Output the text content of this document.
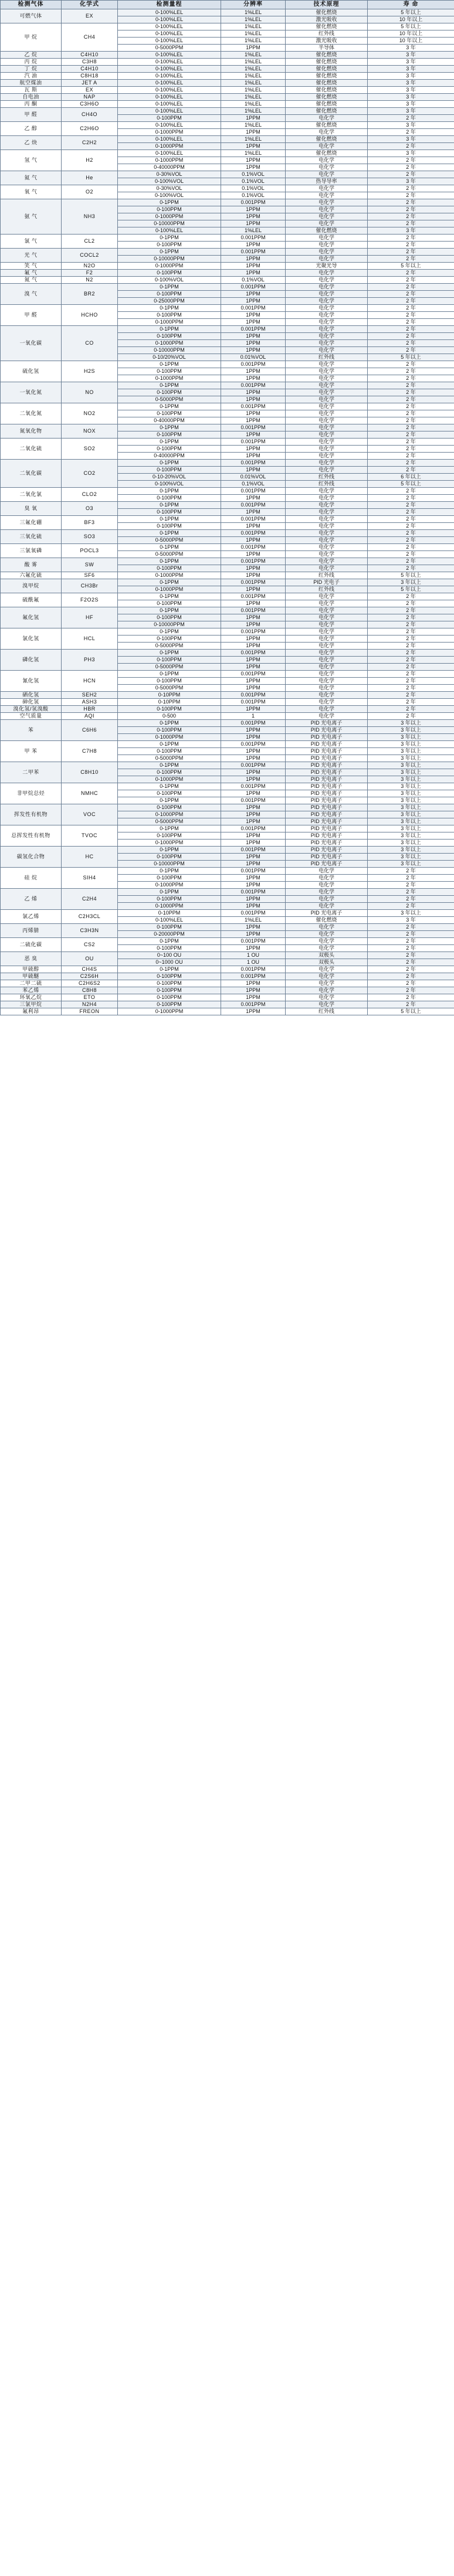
检测气体	化学式	检测量程	分辨率	技术原理	寿 命
可燃气体	EX	0-100%LEL	1%LEL	催化燃烧	5 年以上
		0-100%LEL	1%LEL	激光吸收	10 年以上
甲 烷	CH4	0-100%LEL	1%LEL	催化燃烧	5 年以上
		0-100%LEL	1%LEL	红外线	10 年以上
		0-100%LEL	1%LEL	激光吸收	10 年以上
		0-5000PPM	1PPM	半导体	3 年
乙 烷	C4H10	0-100%LEL	1%LEL	催化燃烧	3 年
丙 烷	C3H8	0-100%LEL	1%LEL	催化燃烧	3 年
丁 烷	C4H10	0-100%LEL	1%LEL	催化燃烧	3 年
汽 油	C8H18	0-100%LEL	1%LEL	催化燃烧	3 年
航空煤油	JET A	0-100%LEL	1%LEL	催化燃烧	3 年
瓦 斯	EX	0-100%LEL	1%LEL	催化燃烧	3 年
自电油	NAP	0-100%LEL	1%LEL	催化燃烧	3 年
丙 酮	C3H6O	0-100%LEL	1%LEL	催化燃烧	3 年
甲 醛	CH4O	0-100%LEL	1%LEL	催化燃烧	3 年
		0-100PPM	1PPM	电化学	2 年
乙 醇	C2H6O	0-100%LEL	1%LEL	催化燃烧	3 年
		0-1000PPM	1PPM	电化学	2 年
乙 炔	C2H2	0-100%LEL	1%LEL	催化燃烧	3 年
		0-1000PPM	1PPM	电化学	2 年
氢 气	H2	0-100%LEL	1%LEL	催化燃烧	3 年
		0-1000PPM	1PPM	电化学	2 年
		0-40000PPM	1PPM	电化学	2 年
氦 气	He	0-30%VOL	0.1%VOL	电化学	2 年
		0-100%VOL	0.1%VOL	热导导率	3 年
氧 气	O2	0-30%VOL	0.1%VOL	电化学	2 年
		0-100%VOL	0.1%VOL	电化学	2 年
氨 气	NH3	0-1PPM	0.001PPM	电化学	2 年
		0-100PPM	1PPM	电化学	2 年
		0-1000PPM	1PPM	电化学	2 年
		0-10000PPM	1PPM	电化学	2 年
		0-100%LEL	1%LEL	催化燃烧	3 年
氯 气	CL2	0-1PPM	0.001PPM	电化学	2 年
		0-100PPM	1PPM	电化学	2 年
光 气	COCL2	0-1PPM	0.001PPM	电化学	2 年
		0-10000PPM	1PPM	电化学	2 年
笑 气	N2O	0-1000PPM	1PPM	光聚光导	5 年以上
氟 气	F2	0-100PPM	1PPM	电化学	2 年
氮 气	N2	0-100%VOL	0.1%VOL	电化学	2 年
溴 气	BR2	0-1PPM	0.001PPM	电化学	2 年
		0-100PPM	1PPM	电化学	2 年
		0-25000PPM	1PPM	电化学	2 年
甲 醛	HCHO	0-1PPM	0.001PPM	电化学	2 年
		0-100PPM	1PPM	电化学	2 年
		0-1000PPM	1PPM	电化学	2 年
一氧化碳	CO	0-1PPM	0.001PPM	电化学	2 年
		0-100PPM	1PPM	电化学	2 年
		0-1000PPM	1PPM	电化学	2 年
		0-10000PPM	1PPM	电化学	2 年
		0-10/20%VOL	0.01%VOL	红外线	5 年以上
硫化氢	H2S	0-1PPM	0.001PPM	电化学	2 年
		0-100PPM	1PPM	电化学	2 年
		0-1000PPM	1PPM	电化学	2 年
一氧化氮	NO	0-1PPM	0.001PPM	电化学	2 年
		0-100PPM	1PPM	电化学	2 年
		0-5000PPM	1PPM	电化学	2 年
二氧化氮	NO2	0-1PPM	0.001PPM	电化学	2 年
		0-100PPM	1PPM	电化学	2 年
		0-40000PPM	1PPM	电化学	2 年
氮氧化物	NOX	0-1PPM	0.001PPM	电化学	2 年
		0-100PPM	1PPM	电化学	2 年
二氧化硫	SO2	0-1PPM	0.001PPM	电化学	2 年
		0-100PPM	1PPM	电化学	2 年
		0-40000PPM	1PPM	电化学	2 年
二氧化碳	CO2	0-1PPM	0.001PPM	电化学	2 年
		0-100PPM	1PPM	电化学	2 年
		0-10-20%VOL	0.01%VOL	红外线	6 年以上
		0-100%VOL	0.1%VOL	红外线	5 年以上
二氧化氯	CLO2	0-1PPM	0.001PPM	电化学	2 年
		0-100PPM	1PPM	电化学	2 年
臭 氧	O3	0-1PPM	0.001PPM	电化学	2 年
		0-100PPM	1PPM	电化学	2 年
三氟化硼	BF3	0-1PPM	0.001PPM	电化学	2 年
		0-100PPM	1PPM	电化学	2 年
三氧化硫	SO3	0-1PPM	0.001PPM	电化学	2 年
		0-5000PPM	1PPM	电化学	2 年
三氯氧磷	POCL3	0-1PPM	0.001PPM	电化学	2 年
		0-5000PPM	1PPM	电化学	2 年
酸 雾	SW	0-1PPM	0.001PPM	电化学	2 年
		0-100PPM	1PPM	电化学	2 年
六氟化硫	SF6	0-1000PPM	1PPM	红外线	5 年以上
溴甲烷	CH3Br	0-1PPM	0.001PPM	PID 光电子	3 年以上
		0-1000PPM	1PPM	红外线	5 年以上
硫酰氟	F2O2S	0-1PPM	0.001PPM	电化学	2 年
		0-100PPM	1PPM	电化学	2 年
氟化氢	HF	0-1PPM	0.001PPM	电化学	2 年
		0-100PPM	1PPM	电化学	2 年
		0-10000PPM	1PPM	电化学	2 年
氯化氢	HCL	0-1PPM	0.001PPM	电化学	2 年
		0-100PPM	1PPM	电化学	2 年
		0-5000PPM	1PPM	电化学	2 年
磷化氢	PH3	0-1PPM	0.001PPM	电化学	2 年
		0-100PPM	1PPM	电化学	2 年
		0-5000PPM	1PPM	电化学	2 年
氰化氢	HCN	0-1PPM	0.001PPM	电化学	2 年
		0-100PPM	1PPM	电化学	2 年
		0-5000PPM	1PPM	电化学	2 年
硒化氢	SEH2	0-10PPM	0.001PPM	电化学	2 年
砷化氢	ASH3	0-10PPM	0.001PPM	电化学	2 年
溴化氢/氢溴酸	HBR	0-100PPM	1PPM	电化学	2 年
空气质量	AQI	0-500	1	电化学	2 年
苯	C6H6	0-1PPM	0.001PPM	PID 光电离子	3 年以上
		0-100PPM	1PPM	PID 光电离子	3 年以上
		0-1000PPM	1PPM	PID 光电离子	3 年以上
甲 苯	C7H8	0-1PPM	0.001PPM	PID 光电离子	3 年以上
		0-100PPM	1PPM	PID 光电离子	3 年以上
		0-5000PPM	1PPM	PID 光电离子	3 年以上
二甲苯	C8H10	0-1PPM	0.001PPM	PID 光电离子	3 年以上
		0-100PPM	1PPM	PID 光电离子	3 年以上
		0-1000PPM	1PPM	PID 光电离子	3 年以上
非甲烷总烃	NMHC	0-1PPM	0.001PPM	PID 光电离子	3 年以上
		0-100PPM	1PPM	PID 光电离子	3 年以上
		0-1PPM	0.001PPM	PID 光电离子	3 年以上
挥发性有机物	VOC	0-100PPM	1PPM	PID 光电离子	3 年以上
		0-1000PPM	1PPM	PID 光电离子	3 年以上
		0-5000PPM	1PPM	PID 光电离子	3 年以上
总挥发性有机物	TVOC	0-1PPM	0.001PPM	PID 光电离子	3 年以上
		0-100PPM	1PPM	PID 光电离子	3 年以上
		0-1000PPM	1PPM	PID 光电离子	3 年以上
碳氢化合物	HC	0-1PPM	0.001PPM	PID 光电离子	3 年以上
		0-100PPM	1PPM	PID 光电离子	3 年以上
		0-10000PPM	1PPM	PID 光电离子	3 年以上
硅 烷	SIH4	0-1PPM	0.001PPM	电化学	2 年
		0-100PPM	1PPM	电化学	2 年
		0-1000PPM	1PPM	电化学	2 年
乙 烯	C2H4	0-1PPM	0.001PPM	电化学	2 年
		0-100PPM	1PPM	电化学	2 年
		0-1000PPM	1PPM	电化学	2 年
氯乙烯	C2H3CL	0-10PPM	0.001PPM	PID 光电离子	3 年以上
		0-100%LEL	1%LEL	催化燃烧	3 年
丙烯腈	C3H3N	0-100PPM	1PPM	电化学	2 年
		0-20000PPM	1PPM	电化学	2 年
二硫化碳	CS2	0-1PPM	0.001PPM	电化学	2 年
		0-100PPM	1PPM	电化学	2 年
恶 臭	OU	0~100 OU	1 OU	双极头	2 年
		0~1000 OU	1 OU	双极头	2 年
甲硫醇	CH4S	0-1PPM	0.001PPM	电化学	2 年
甲硫醚	C2S6H	0-100PPM	0.001PPM	电化学	2 年
二甲二硫	C2H6S2	0-100PPM	1PPM	电化学	2 年
苯乙烯	C8H8	0-100PPM	1PPM	电化学	2 年
环氧乙烷	ETO	0-100PPM	1PPM	电化学	2 年
三氯甲烷	N2H4	0-100PPM	0.001PPM	电化学	2 年
氟利昂	FREON	0-1000PPM	1PPM	红外线	5 年以上
